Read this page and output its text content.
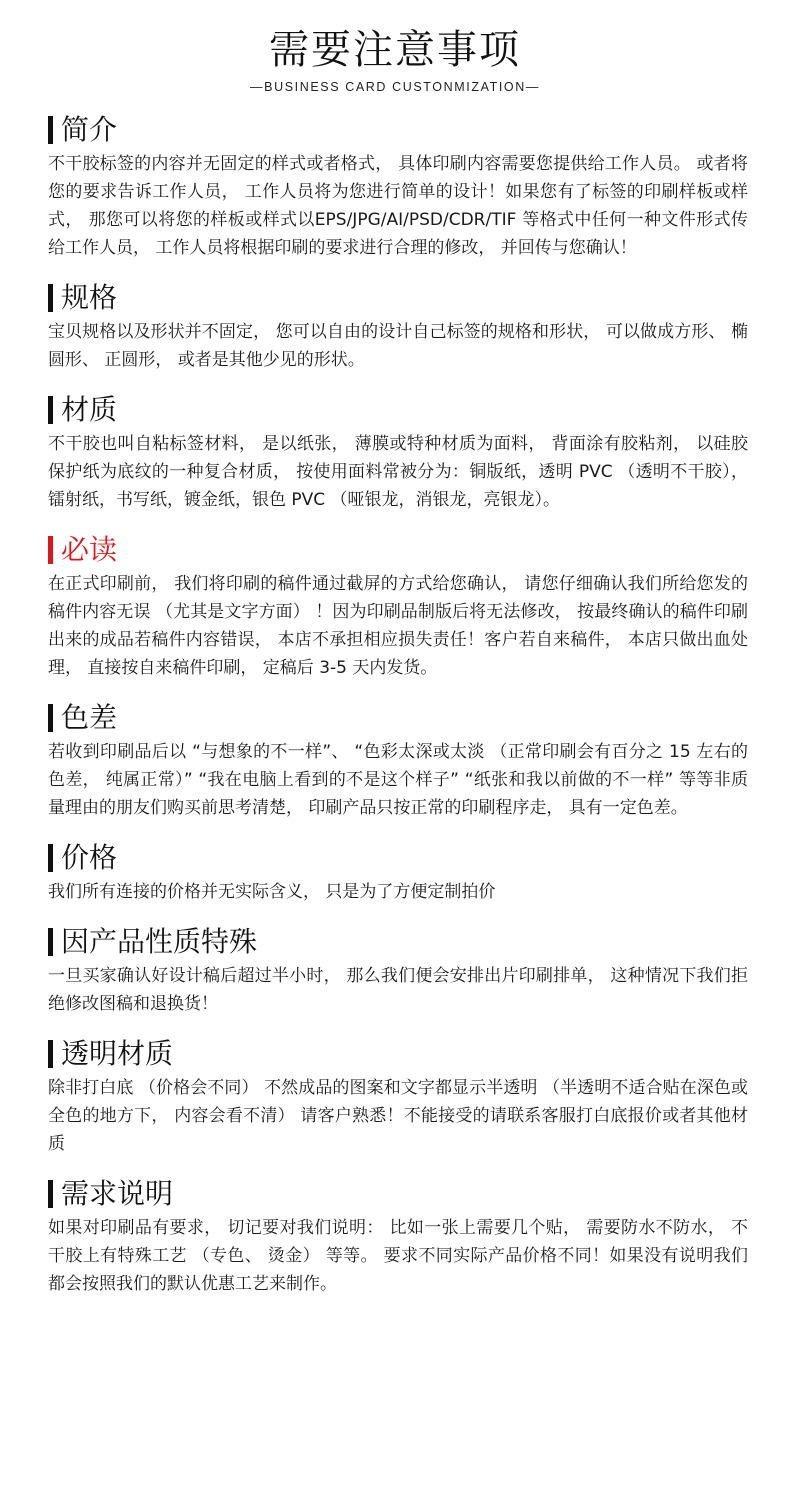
需要注意事项
—BUSINESS CARD CUSTONMIZATION—
简介

不干胶标签的内容并无固定的样式或者格式， 具体印刷内容需要您提供给工作人员。 或者将您的要求告诉工作人员， 工作人员将为您进行简单的设计！如果您有了标签的印刷样板或样式， 那您可以将您的样板或样式以EPS/JPG/AI/PSD/CDR/TIF 等格式中任何一种文件形式传给工作人员， 工作人员将根据印刷的要求进行合理的修改， 并回传与您确认！

规格

宝贝规格以及形状并不固定， 您可以自由的设计自己标签的规格和形状， 可以做成方形、 椭圆形、 正圆形， 或者是其他少见的形状。

材质

不干胶也叫自粘标签材料， 是以纸张， 薄膜或特种材质为面料， 背面涂有胶粘剂， 以硅胶保护纸为底纹的一种复合材质， 按使用面料常被分为：铜版纸，透明 PVC （透明不干胶），镭射纸，书写纸，镀金纸，银色 PVC （哑银龙，消银龙，亮银龙）。

必读

在正式印刷前， 我们将印刷的稿件通过截屏的方式给您确认， 请您仔细确认我们所给您发的稿件内容无误 （尤其是文字方面） ！因为印刷品制版后将无法修改， 按最终确认的稿件印刷出来的成品若稿件内容错误， 本店不承担相应损失责任！客户若自来稿件， 本店只做出血处理， 直接按自来稿件印刷， 定稿后 3-5 天内发货。

色差

若收到印刷品后以 “与想象的不一样”、 “色彩太深或太淡 （正常印刷会有百分之 15 左右的色差， 纯属正常）” “我在电脑上看到的不是这个样子” “纸张和我以前做的不一样” 等等非质量理由的朋友们购买前思考清楚， 印刷产品只按正常的印刷程序走， 具有一定色差。

价格

我们所有连接的价格并无实际含义， 只是为了方便定制拍价

因产品性质特殊

一旦买家确认好设计稿后超过半小时， 那么我们便会安排出片印刷排单， 这种情况下我们拒绝修改图稿和退换货！

透明材质

除非打白底 （价格会不同） 不然成品的图案和文字都显示半透明 （半透明不适合贴在深色或全色的地方下， 内容会看不清） 请客户熟悉！不能接受的请联系客服打白底报价或者其他材质

需求说明

如果对印刷品有要求， 切记要对我们说明： 比如一张上需要几个贴， 需要防水不防水， 不干胶上有特殊工艺 （专色、 烫金） 等等。 要求不同实际产品价格不同！如果没有说明我们都会按照我们的默认优惠工艺来制作。
